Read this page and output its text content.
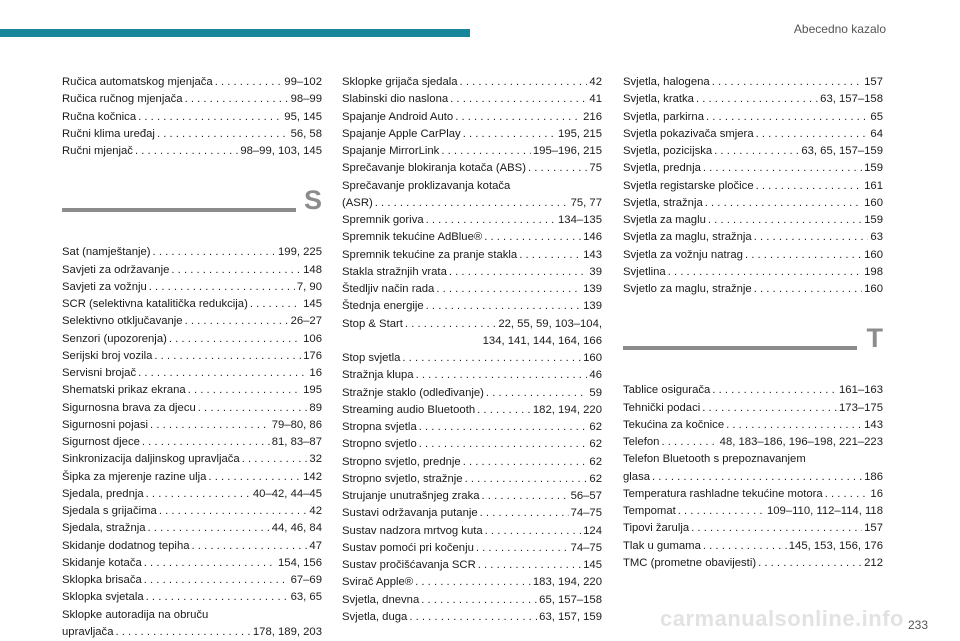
Abecedno kazalo
Ručica automatskog mjenjača . . .	99–102
Ručica ručnog mjenjača . . .	98–99
Ručna kočnica . . .	95, 145
Ručni klima uređaj . . .	56, 58
Ručni mjenjač . . .	98–99, 103, 145
S
Sat (namještanje) . . .	199, 225
Savjeti za održavanje . . .	148
Savjeti za vožnju . . .	7, 90
SCR (selektivna katalitička redukcija) . . .	145
Selektivno otključavanje . . .	26–27
Senzori (upozorenja) . . .	106
Serijski broj vozila . . .	176
Servisni brojač . . .	16
Shematski prikaz ekrana . . .	195
Sigurnosna brava za djecu . . .	89
Sigurnosni pojasi . . .	79–80, 86
Sigurnost djece . . .	81, 83–87
Sinkronizacija daljinskog upravljača . . .	32
Šipka za mjerenje razine ulja . . .	142
Sjedala, prednja . . .	40–42, 44–45
Sjedala s grijačima . . .	42
Sjedala, stražnja . . .	44, 46, 84
Skidanje dodatnog tepiha . . .	47
Skidanje kotača . . .	154, 156
Sklopka brisača . . .	67–69
Sklopka svjetala . . .	63, 65
Sklopke autoradija na obruču
upravljača . . .	178, 189, 203
Sklopke grijača sjedala . . .	42
Slabinski dio naslona . . .	41
Spajanje Android Auto . . .	216
Spajanje Apple CarPlay . . .	195, 215
Spajanje MirrorLink . . .	195–196, 215
Sprečavanje blokiranja kotača (ABS) . . .	75
Sprečavanje proklizavanja kotača
(ASR) . . .	75, 77
Spremnik goriva . . .	134–135
Spremnik tekućine AdBlue® . . .	146
Spremnik tekućine za pranje stakla . . .	143
Stakla stražnjih vrata . . .	39
Štedljiv način rada . . .	139
Štednja energije . . .	139
Stop & Start . . .	22, 55, 59, 103–104,
134, 141, 144, 164, 166
Stop svjetla . . .	160
Stražnja klupa . . .	46
Stražnje staklo (odleđivanje) . . .	59
Streaming audio Bluetooth . . .	182, 194, 220
Stropna svjetla . . .	62
Stropno svjetlo . . .	62
Stropno svjetlo, prednje . . .	62
Stropno svjetlo, stražnje . . .	62
Strujanje unutrašnjeg zraka . . .	56–57
Sustavi održavanja putanje . . .	74–75
Sustav nadzora mrtvog kuta . . .	124
Sustav pomoći pri kočenju . . .	74–75
Sustav pročišćavanja SCR . . .	145
Svirač Apple® . . .	183, 194, 220
Svjetla, dnevna . . .	65, 157–158
Svjetla, duga . . .	63, 157, 159
Svjetla, halogena . . .	157
Svjetla, kratka . . .	63, 157–158
Svjetla, parkirna . . .	65
Svjetla pokazivača smjera . . .	64
Svjetla, pozicijska . . .	63, 65, 157–159
Svjetla, prednja . . .	159
Svjetla registarske pločice . . .	161
Svjetla, stražnja . . .	160
Svjetla za maglu . . .	159
Svjetla za maglu, stražnja . . .	63
Svjetla za vožnju natrag . . .	160
Svjetlina . . .	198
Svjetlo za maglu, stražnje . . .	160
T
Tablice osigurača . . .	161–163
Tehnički podaci . . .	173–175
Tekućina za kočnice . . .	143
Telefon . . .	48, 183–186, 196–198, 221–223
Telefon Bluetooth s prepoznavanjem
glasa . . .	186
Temperatura rashladne tekućine motora . . .	16
Tempomat . . .	109–110, 112–114, 118
Tipovi žarulja . . .	157
Tlak u gumama . . .	145, 153, 156, 176
TMC (prometne obavijesti) . . .	212
carmanualsonline.info 233
